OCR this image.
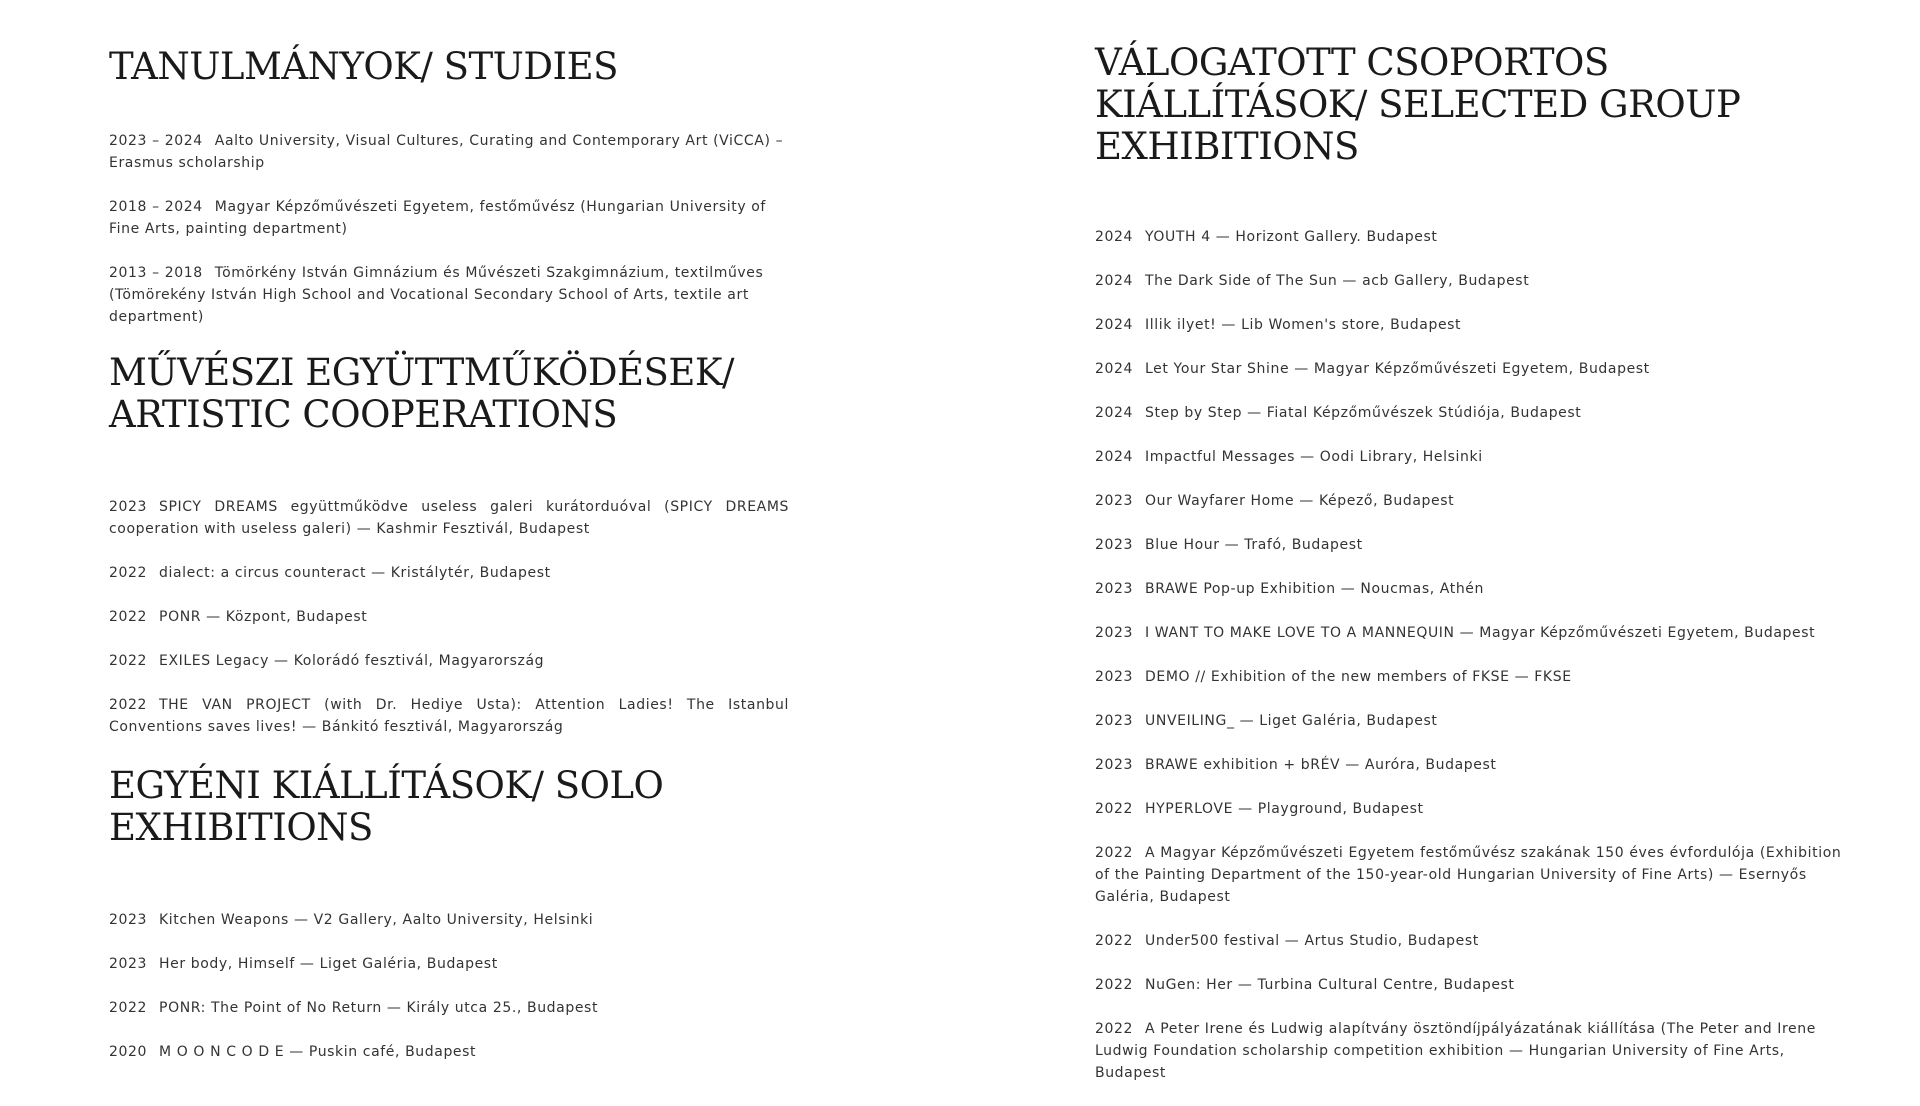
TANULMÁNYOK/ STUDIES

2023 – 2024 Aalto University, Visual Cultures, Curating and Contemporary Art (ViCCA) – Erasmus scholarship

2018 – 2024 Magyar Képzőművészeti Egyetem, festőművész (Hungarian University of Fine Arts, painting department)

2013 – 2018 Tömörkény István Gimnázium és Művészeti Szakgimnázium, textilműves (Tömörekény István High School and Vocational Secondary School of Arts, textile art department)

MŰVÉSZI EGYÜTTMŰKÖDÉSEK/ ARTISTIC COOPERATIONS

2023 SPICY DREAMS együttműködve useless galeri kurátorduóval (SPICY DREAMS cooperation with useless galeri) — Kashmir Fesztivál, Budapest

2022 dialect: a circus counteract — Kristálytér, Budapest

2022 PONR — Központ, Budapest

2022 EXILES Legacy — Kolorádó fesztivál, Magyarország

2022 THE VAN PROJECT (with Dr. Hediye Usta): Attention Ladies! The Istanbul Conventions saves lives! — Bánkitó fesztivál, Magyarország

EGYÉNI KIÁLLÍTÁSOK/ SOLO EXHIBITIONS

2023 Kitchen Weapons — V2 Gallery, Aalto University, Helsinki

2023 Her body, Himself — Liget Galéria, Budapest

2022 PONR: The Point of No Return — Király utca 25., Budapest

2020 M O O N C O D E — Puskin café, Budapest

VÁLOGATOTT CSOPORTOS KIÁLLÍTÁSOK/ SELECTED GROUP EXHIBITIONS

2024 YOUTH 4 — Horizont Gallery. Budapest

2024 The Dark Side of The Sun — acb Gallery, Budapest

2024 Illik ilyet! — Lib Women's store, Budapest

2024 Let Your Star Shine — Magyar Képzőművészeti Egyetem, Budapest

2024 Step by Step — Fiatal Képzőművészek Stúdiója, Budapest

2024 Impactful Messages — Oodi Library, Helsinki

2023 Our Wayfarer Home — Képező, Budapest

2023 Blue Hour — Trafó, Budapest

2023 BRAWE Pop-up Exhibition — Noucmas, Athén

2023 I WANT TO MAKE LOVE TO A MANNEQUIN — Magyar Képzőművészeti Egyetem, Budapest

2023 DEMO // Exhibition of the new members of FKSE — FKSE

2023 UNVEILING_ — Liget Galéria, Budapest

2023 BRAWE exhibition + bRÉV — Auróra, Budapest

2022 HYPERLOVE — Playground, Budapest

2022 A Magyar Képzőművészeti Egyetem festőművész szakának 150 éves évfordulója (Exhibition of the Painting Department of the 150-year-old Hungarian University of Fine Arts) — Esernyős Galéria, Budapest

2022 Under500 festival — Artus Studio, Budapest

2022 NuGen: Her — Turbina Cultural Centre, Budapest

2022 A Peter Irene és Ludwig alapítvány ösztöndíjpályázatának kiállítása (The Peter and Irene Ludwig Foundation scholarship competition exhibition — Hungarian University of Fine Arts, Budapest
